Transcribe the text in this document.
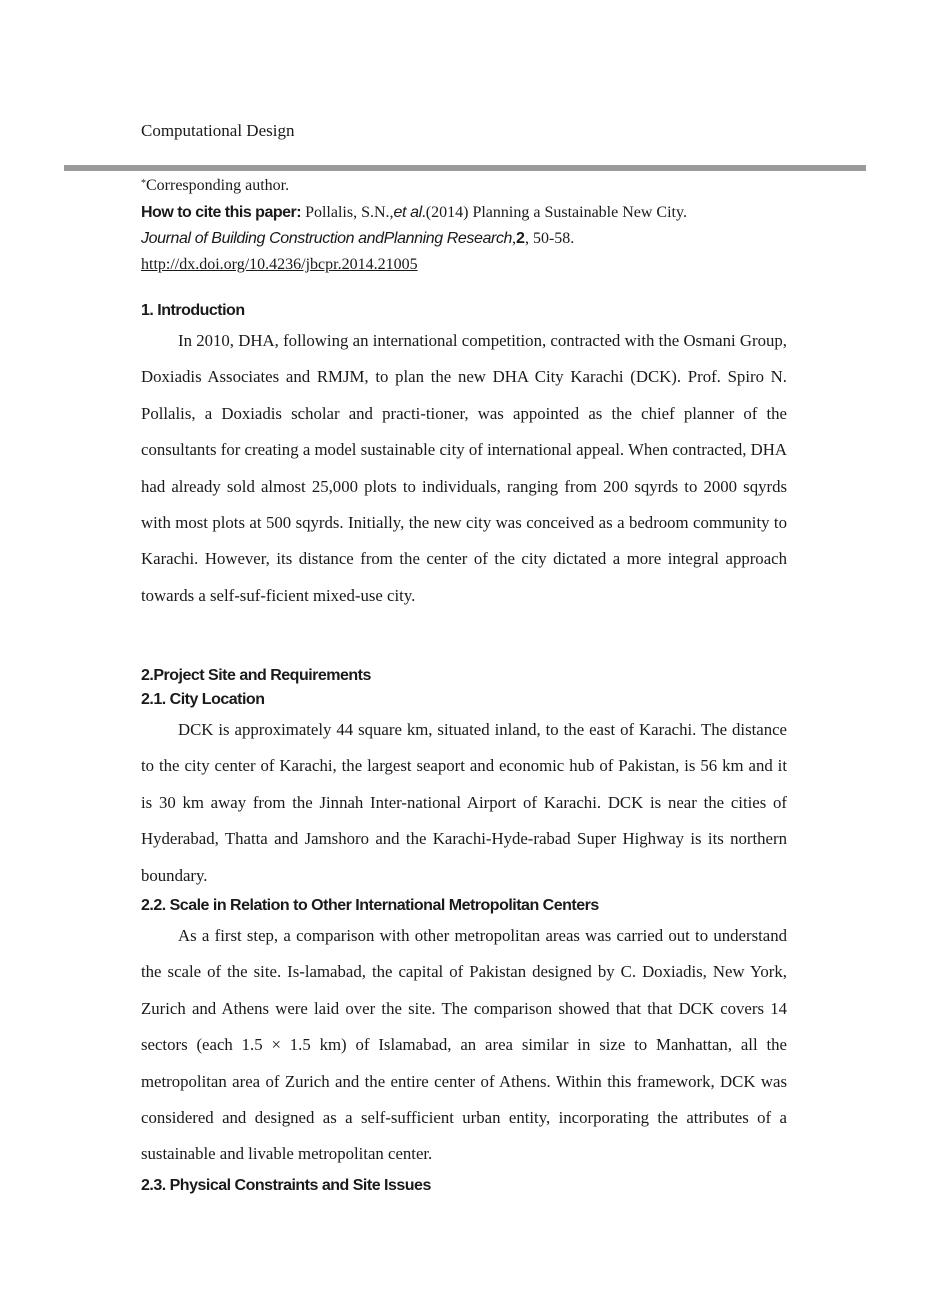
Computational Design
*Corresponding author.
How to cite this paper: Pollalis, S.N.,et al.(2014) Planning a Sustainable New City.
Journal of Building Construction andPlanning Research,2, 50-58.
http://dx.doi.org/10.4236/jbcpr.2014.21005
1. Introduction
In 2010, DHA, following an international competition, contracted with the Osmani Group, Doxiadis Associates and RMJM, to plan the new DHA City Karachi (DCK). Prof. Spiro N. Pollalis, a Doxiadis scholar and practi-tioner, was appointed as the chief planner of the consultants for creating a model sustainable city of international appeal. When contracted, DHA had already sold almost 25,000 plots to individuals, ranging from 200 sqyrds to 2000 sqyrds with most plots at 500 sqyrds. Initially, the new city was conceived as a bedroom community to Karachi. However, its distance from the center of the city dictated a more integral approach towards a self-suf-ficient mixed-use city.
2.Project Site and Requirements
2.1. City Location
DCK is approximately 44 square km, situated inland, to the east of Karachi. The distance to the city center of Karachi, the largest seaport and economic hub of Pakistan, is 56 km and it is 30 km away from the Jinnah Inter-national Airport of Karachi. DCK is near the cities of Hyderabad, Thatta and Jamshoro and the Karachi-Hyde-rabad Super Highway is its northern boundary.
2.2. Scale in Relation to Other International Metropolitan Centers
As a first step, a comparison with other metropolitan areas was carried out to understand the scale of the site. Is-lamabad, the capital of Pakistan designed by C. Doxiadis, New York, Zurich and Athens were laid over the site. The comparison showed that that DCK covers 14 sectors (each 1.5 × 1.5 km) of Islamabad, an area similar in size to Manhattan, all the metropolitan area of Zurich and the entire center of Athens. Within this framework, DCK was considered and designed as a self-sufficient urban entity, incorporating the attributes of a sustainable and livable metropolitan center.
2.3. Physical Constraints and Site Issues
